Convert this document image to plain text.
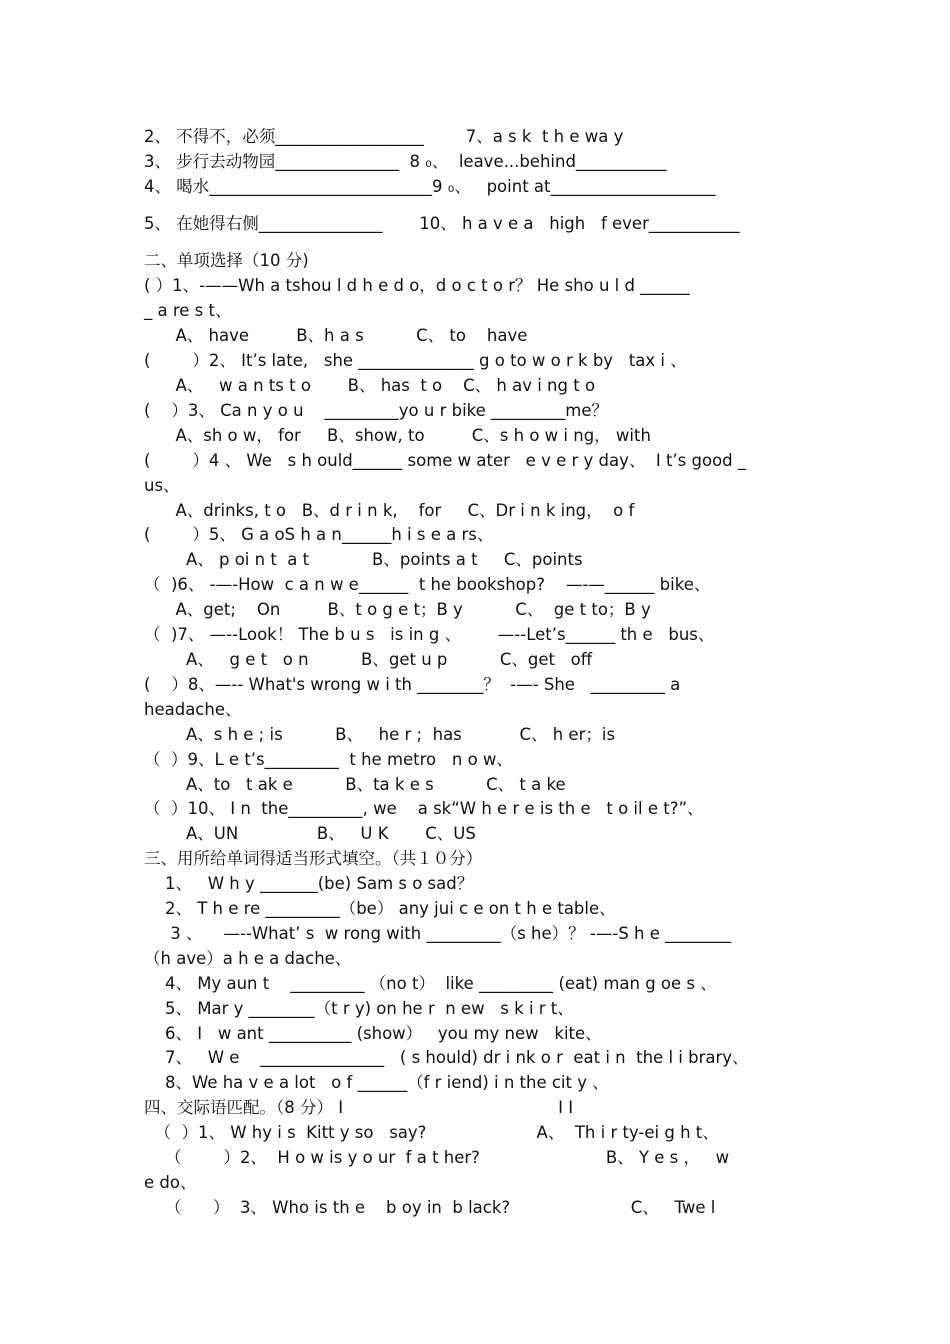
2、 不得不，必须__________________        7、a s k  t h e wa y
3、 步行去动物园_______________  8 ₀、  leave...behind___________
4、 喝水___________________________9 ₀、   point at____________________
5、 在她得右侧_______________       10、 h a v e a   high   f ever___________
二、单项选择（10 分)
( ）1、-——Wh a tshou l d h e d o，d o c t o r？ He sho u l d ______
_ a re s t、
A、 have         B、h a s          C、 to    have
(        ）2、 It’s late,   she ______________ g o to w o r k by   tax i 、
A、   w a n ts t o       B、 has  t o    C、 h av i ng t o
(    ）3、 Ca n y o u    _________yo u r bike _________me？
A、sh o w， for     B、show, to         C、s h o w i ng， with
(        ）4 、 We   s h ould______ some w ater   e v e r y day、  I t’s good _
us、
A、drinks, t o   B、d r i n k,    for     C、Dr i n k ing，  o f
(        ）5、 G a oS h a n______h i s e a rs、
A、 p oi n t  a t            B、points a t     C、points
（  )6、 -—-How  c a n w e______  t he bookshop?    —-—______ bike、
A、get;    On         B、t o g e t；B y          C、  ge t to；B y
（  )7、 —--Look！ The b u s   is in g 、       —--Let’s______ th e   bus、
A、   g e t   o n          B、get u p          C、get   off
(    ）8、—-- What's wrong w i th ________？  -—- She   _________ a
headache、
A、s h e ; is          B、   he r ;  has           C、 h er；is
（  ）9、L e t’s_________  t he metro   n o w、
A、to   t ak e          B、ta k e s          C、 t a ke
（  ）10、 I n  the_________, we    a sk“W h e r e is th e   t o il e t?”、
A、UN               B、   U K       C、US
三、用所给单词得适当形式填空。（共１０分）
1、   W h y _______(be) Sam s o sad？
2、 T h e re _________（be） any jui c e on t h e table、
3 、    —--What’ s  w rong with _________（s he）？ -—-S h e ________
（h ave）a h e a dache、
4、 My aun t    _________ （no t）  like _________ (eat) man g oe s 、
5、 Mar y ________（t r y) on he r  n ew   s k i r t、
6、 I   w ant __________ (show）   you my new   kite、
7、   W e    _______________   ( s hould) dr i nk o r  eat i n  the l i brary、
8、We ha v e a lot   o f ______（f r iend) i n the cit y 、
四、交际语匹配。（8 分） I                                         I I
（  ）1、 W hy i s  Kitt y so   say?                     A、  Th i r ty-ei g h t、
（        ）2、  H o w is y o ur  f a t her?                        B、 Y e s ，   w
e do、
（      ）  3、 Who is th e    b oy in  b lack?                       C、   Twe l
